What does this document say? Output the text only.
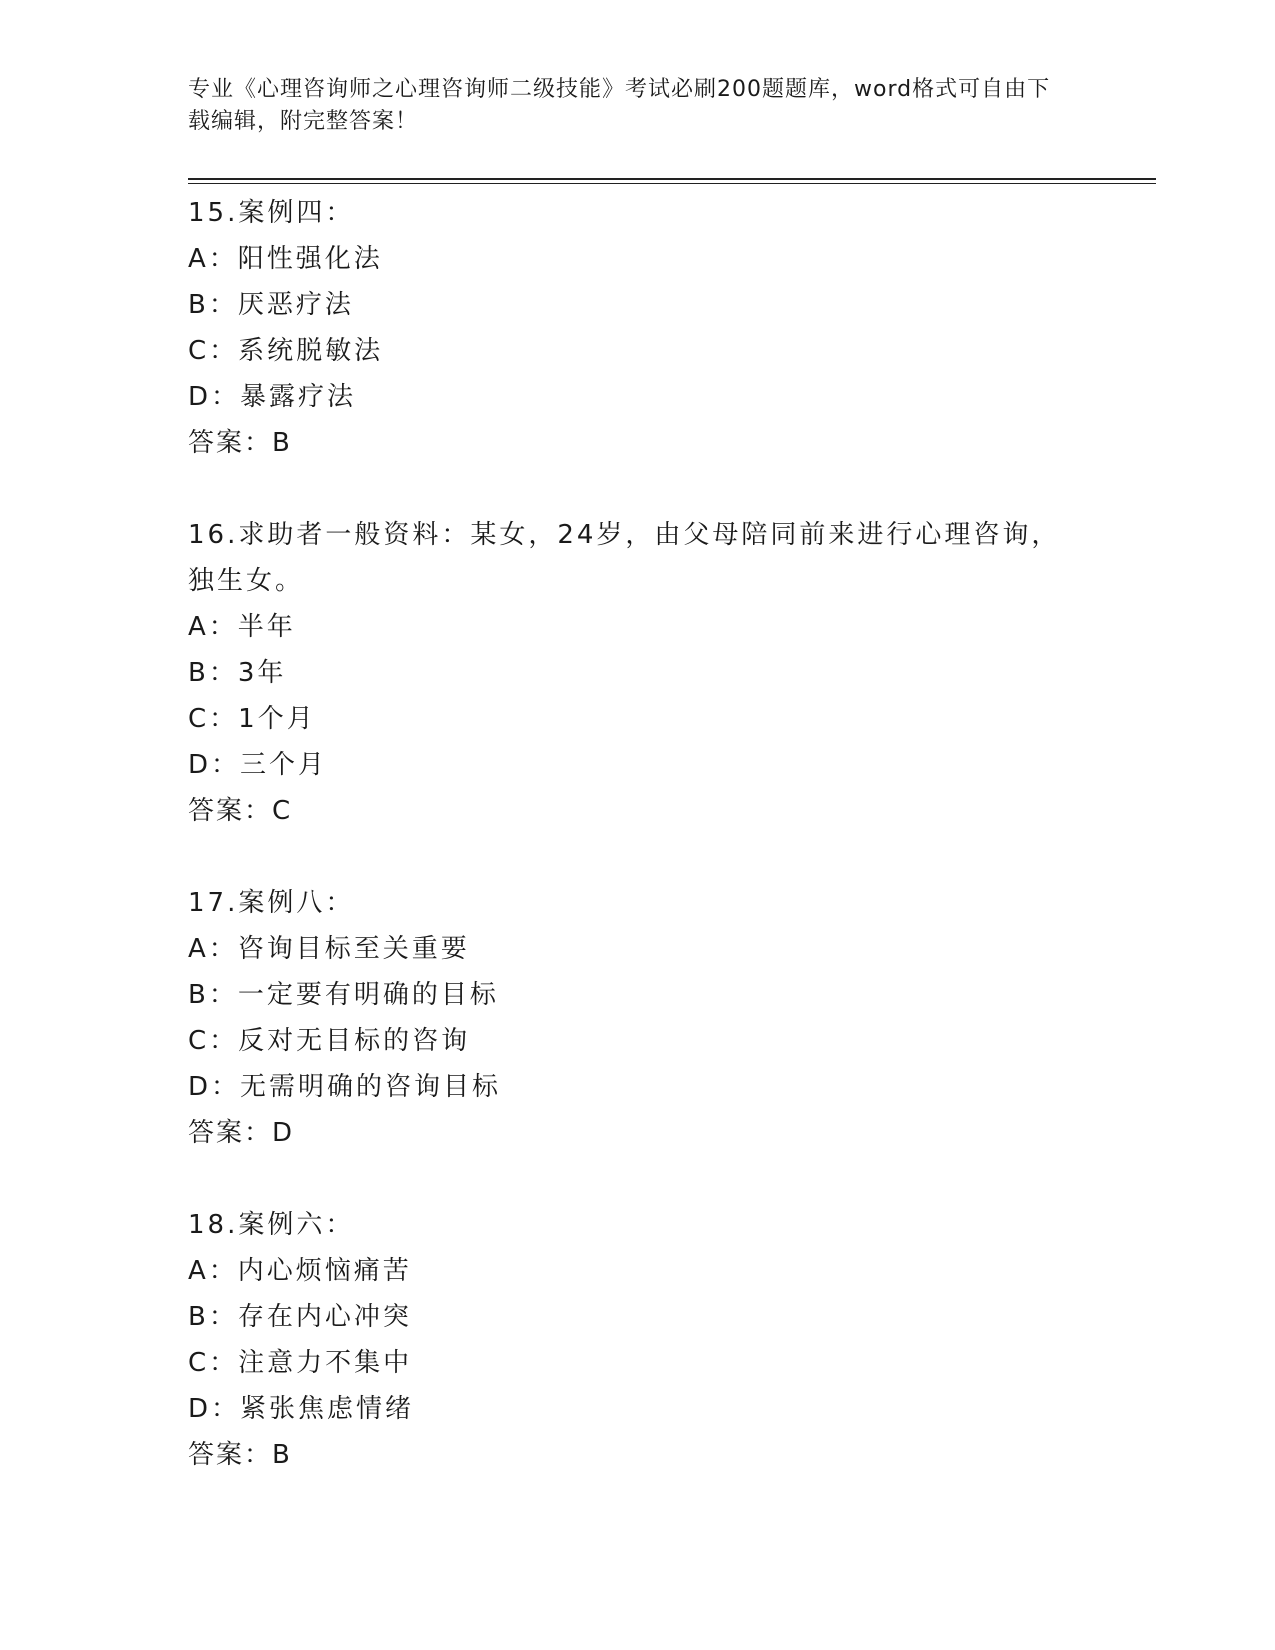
专业《心理咨询师之心理咨询师二级技能》考试必刷200题题库，word格式可自由下载编辑，附完整答案！
15.案例四：
A：阳性强化法
B：厌恶疗法
C：系统脱敏法
D：暴露疗法
答案：B
16.求助者一般资料：某女，24岁，由父母陪同前来进行心理咨询，独生女。
A：半年
B：3年
C：1个月
D：三个月
答案：C
17.案例八：
A：咨询目标至关重要
B：一定要有明确的目标
C：反对无目标的咨询
D：无需明确的咨询目标
答案：D
18.案例六：
A：内心烦恼痛苦
B：存在内心冲突
C：注意力不集中
D：紧张焦虑情绪
答案：B
